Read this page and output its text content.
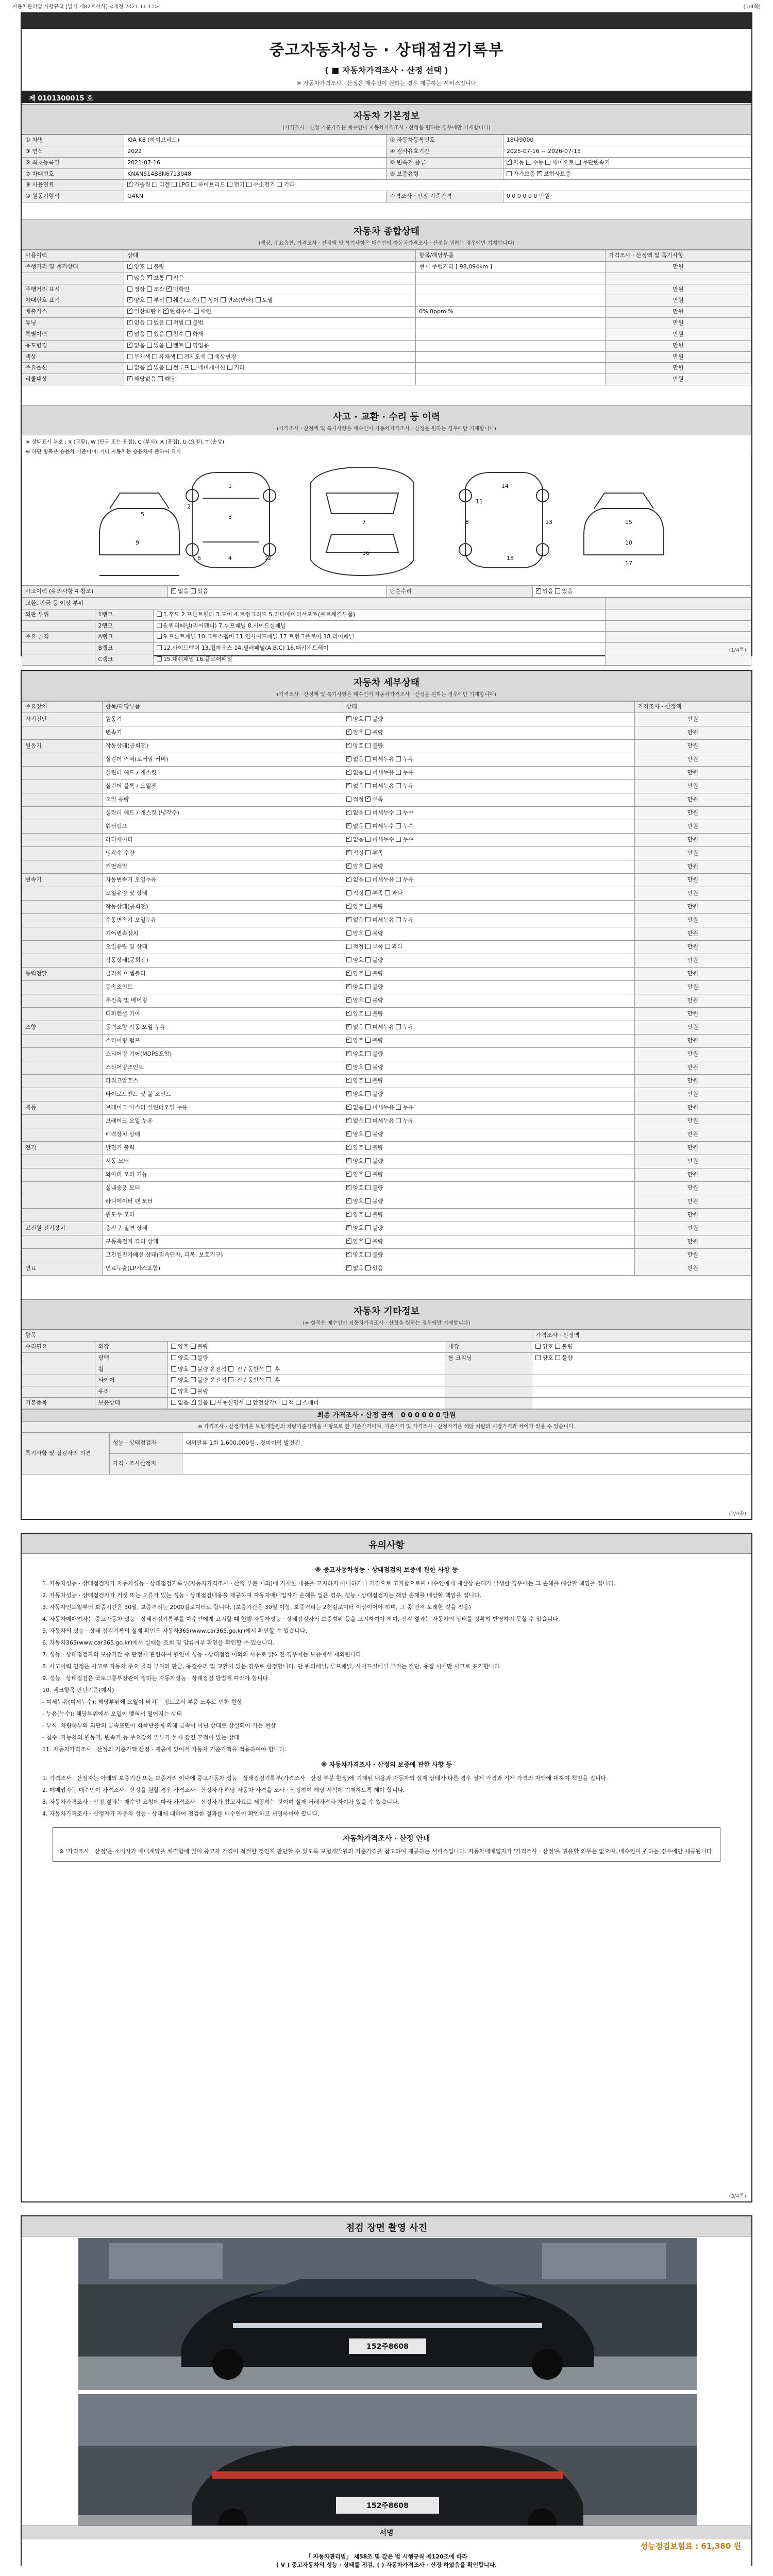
자동차관리법 시행규칙 [별지 제82호서식] <개정 2021.11.11>	(1/4쪽)
중고자동차성능 · 상태점검기록부
( ■ 자동차가격조사 · 산정 선택 )
※ 자동차가격조사 · 산정은 매수인이 원하는 경우 제공하는 서비스입니다
제 0101300015 호
자동차 기본정보
(가격조사 · 산정 기준가격은 매수인이 자동차가격조사 · 산정을 원하는 경우에만 기재합니다)
① 차명	KIA K8 (하이브리드)	② 자동차등록번호	18다9000
③ 연식	2022	④ 검사유효기간	2025-07-16 ~ 2026-07-15
⑤ 최초등록일	2021-07-16	⑥ 변속기 종류	✓자동 수동 세미오토 무단변속기
⑦ 차대번호	KNAN514B8N6713048	⑧ 보증유형	자가보증 ✓보험사보증
⑨ 사용연료	✓가솔린 디젤 LPG 하이브리드 전기 수소전기 기타
⑩ 원동기형식	G4KN	가격조사 · 산정 기준가격	0 0 0 0 0 0 만원
자동차 종합상태
(색상, 주요옵션, 가격조사 · 산정액 및 특기사항은 매수인이 자동차가격조사 · 산정을 원하는 경우에만 기재합니다)
사용이력	상태	항목/해당부품	가격조사 · 산정액 및 특기사항
주행거리 및 계기상태	✓양호 불량	현재 주행거리 [ 98,094km ]	만원
	많음 ✓보통 적음		
주행거리 표시	정상 조작 ✓미확인		만원
차대번호 표기	✓양호 부식 훼손(오손) 상이 변조(변타) 도말		만원
배출가스	✓일산화탄소 ✓탄화수소 매연	0% 0ppm %	만원
튜닝	✓없음 있음 적법 불법		만원
특별이력	✓없음 있음 침수 화재		만원
용도변경	✓없음 있음 렌트 영업용		만원
색상	무채색 유채색 전체도색 색상변경		만원
주요옵션	없음 ✓있음 썬루프 네비게이션 기타		만원
리콜대상	✓해당없음 해당		만원
사고 · 교환 · 수리 등 이력
(가격조사 · 산정액 및 특기사항은 매수인이 자동차가격조사 · 산정을 원하는 경우에만 기재합니다)
※ 상태표시 부호 : X (교환), W (판금 또는 용접), C (부식), A (흠집), U (요철), T (손상)
※ 하단 항목은 승용차 기준이며, 기타 자동차는 승용차에 준하여 표시
1
2
3
4
5
6
7	8
9	10
11
12
13
14
15
16
17
18
사고이력 (유의사항 4 참조)	✓없음 있음	단순수리	✓없음 있음
교환, 판금 등 이상 부위			
외판 부위	1랭크	1.후드 2.프론트휀더 3.도어 4.트렁크리드 5.라디에이터서포트(볼트체결부품)	
	2랭크	6.쿼터패널(리어펜더) 7.루프패널 8.사이드실패널	
주요 골격	A랭크	9.프론트패널 10.크로스멤버 11.인사이드패널 17.트렁크플로어 18.리어패널	
	B랭크	12.사이드멤버 13.휠하우스 14.필러패널(A,B,C) 16.패키지트레이	
	C랭크	15.대쉬패널 16.플로어패널	
(1/4쪽)
자동차 세부상태
(가격조사 · 산정액 및 특기사항은 매수인이 자동차가격조사 · 산정을 원하는 경우에만 기재합니다)
주요장치	항목/해당부품	상태	가격조사 · 산정액
자기진단	원동기	✓양호 불량	만원
	변속기	✓양호 불량	만원
원동기	작동상태(공회전)	✓양호 불량	만원
	실린더 커버(로커암 커버)	✓없음 미세누유 누유	만원
	실린더 헤드 / 개스킷	✓없음 미세누유 누유	만원
	실린더 블록 / 오일팬	✓없음 미세누유 누유	만원
	오일 유량	적정 ✓부족	만원
	실린더 헤드 / 개스킷 (냉각수)	✓없음 미세누수 누수	만원
	워터펌프	✓없음 미세누수 누수	만원
	라디에이터	✓없음 미세누수 누수	만원
	냉각수 수량	✓적정 부족	만원
	커먼레일	✓양호 불량	만원
변속기	자동변속기 오일누유	✓없음 미세누유 누유	만원
	오일유량 및 상태	적정 부족 과다	만원
	작동상태(공회전)	✓양호 불량	만원
	수동변속기 오일누유	✓없음 미세누유 누유	만원
	기어변속장치	양호 불량	만원
	오일유량 및 상태	적정 부족 과다	만원
	작동상태(공회전)	양호 불량	만원
동력전달	클러치 어셈블리	✓양호 불량	만원
	등속조인트	✓양호 불량	만원
	추진축 및 베어링	✓양호 불량	만원
	디퍼렌셜 기어	✓양호 불량	만원
조향	동력조향 작동 오일 누유	✓없음 미세누유 누유	만원
	스티어링 펌프	✓양호 불량	만원
	스티어링 기어(MDPS포함)	✓양호 불량	만원
	스티어링조인트	✓양호 불량	만원
	파워고압호스	✓양호 불량	만원
	타이로드엔드 및 볼 조인트	✓양호 불량	만원
제동	브레이크 마스터 실린더오일 누유	✓없음 미세누유 누유	만원
	브레이크 오일 누유	✓없음 미세누유 누유	만원
	배력장치 상태	✓양호 불량	만원
전기	발전기 출력	✓양호 불량	만원
	시동 모터	✓양호 불량	만원
	와이퍼 모터 기능	✓양호 불량	만원
	실내송풍 모터	✓양호 불량	만원
	라디에이터 팬 모터	✓양호 불량	만원
	윈도우 모터	✓양호 불량	만원
고전원 전기장치	충전구 절연 상태	✓양호 불량	만원
	구동축전지 격리 상태	✓양호 불량	만원
	고전원전기배선 상태(접속단자, 피복, 보호기구)	✓양호 불량	만원
연료	연료누출(LP가스포함)	✓없음 있음	만원
자동차 기타정보
(※ 항목은 매수인이 자동차가격조사 · 산정을 원하는 경우에만 기재합니다)
항목				가격조사 · 산정액
수리필요	외장	양호 불량	내장	양호 불량
	광택	양호 불량	룸 크리닝	양호 불량
	휠	양호 불량 운전석  전 / 동반석  후		
	타이어	양호 불량 운전석  전 / 동반석  후		
	유리	양호 불량		
기본품목	보유상태	없음 ✓있음 사용설명서 안전삼각대 잭 스패너		
최종 가격조사 · 산정 금액 0 0 0 0 0 0 만원
※ 가격조사 · 산정가격은 보험개발원의 차량기준가액을 바탕으로 한 기준가격이며, 기준가격 및 가격조사 · 산정가격은 해당 차량의 시장가격과 차이가 있을 수 있습니다.
특기사항 및 점검자의 의견	성능 · 상태점검자	내외판류 1회 1,600,000원 , 경미이력 발견건
	가격 · 조사산정자	
(2/4쪽)
유의사항
※ 중고자동차성능 · 상태점검의 보증에 관한 사항 등

1. 자동차성능 · 상태점검자가 자동차성능 · 상태점검기록부(자동차가격조사 · 산정 부분 제외)에 기재한 내용을 고지하지 아니하거나 거짓으로 고지함으로써 매수인에게 재산상 손해가 발생한 경우에는 그 손해를 배상할 책임을 집니다.

2. 자동차성능 · 상태점검자가 거짓 또는 오류가 있는 성능 · 상태점검내용을 제공하여 자동차매매업자가 손해를 입은 경우, 성능 · 상태점검자는 해당 손해를 배상할 책임을 집니다.

3. 자동차인도일부터 보증기간은 30일, 보증거리는 2000킬로미터로 합니다. (보증기간은 30일 이상, 보증거리는 2천킬로미터 이상이어야 하며, 그 중 먼저 도래한 것을 적용)

4. 자동차매매업자는 중고자동차 성능 · 상태점검기록부를 매수인에게 고지할 때 현행 자동차성능 · 상태점검자의 보증범위 등을 고지하여야 하며, 점검 결과는 자동차의 상태를 정확히 반영하지 못할 수 있습니다.

5. 자동차의 성능 · 상태 점검기록의 실제 확인은 자동차365(www.car365.go.kr)에서 확인할 수 있습니다.

6. 자동차365(www.car365.go.kr)에서 실매물 조회 및 압류여부 확인을 확인할 수 있습니다.

7. 성능 · 상태점검자의 보증기간 중 판정에 관련하여 원인이 성능 · 상태점검 이외의 사유로 밝혀진 경우에는 보증에서 제외됩니다.

8. 사고이력 인정은 사고로 자동차 주요 골격 부위의 판금, 용접수리 및 교환이 있는 경우로 한정합니다. 단 쿼터패널, 루프패널, 사이드실패널 부위는 절단, 용접 시에만 사고로 표기합니다.

9. 성능 · 상태점검은 국토교통부장관이 정하는 자동차성능 · 상태점검 방법에 따라야 합니다.

10. 체크항목 판단기준(예시)

- 미세누유(미세누수): 해당부위에 오일이 비치는 정도로서 부품 노후로 인한 현상

- 누유(누수): 해당부위에서 오일이 맺혀서 떨어지는 상태

- 부식: 차량하부와 외판의 금속표면이 화학반응에 의해 금속이 아닌 상태로 상실되어 가는 현상

- 침수: 자동차의 원동기, 변속기 등 주요장치 일부가 물에 잠긴 흔적이 있는 상태

11. 자동차가격조사 · 산정의 기준가액 산정 · 제공에 있어서 자동차 기준가액을 적용하여야 합니다.

※ 자동차가격조사 · 산정의 보증에 관한 사항 등

1. 가격조사 · 산정자는 아래의 보증기간 또는 보증거리 이내에 중고자동차 성능 · 상태점검기록부(가격조사 · 산정 부분 한정)에 기재된 내용과 자동차의 실제 상태가 다른 경우 실제 가격과 기재 가격의 차액에 대하여 책임을 집니다.

2. 매매업자는 매수인이 가격조사 · 산정을 원할 경우 가격조사 · 산정자가 해당 자동차 가격을 조사 · 산정하여 해당 서식에 기재하도록 해야 합니다.

3. 자동차가격조사 · 산정 결과는 매수인 요청에 따라 가격조사 · 산정자가 참고자료로 제공하는 것이며 실제 거래가격과 차이가 있을 수 있습니다.

4. 자동차가격조사 · 산정자가 자동차 성능 · 상태에 대하여 점검한 결과를 매수인이 확인하고 서명하여야 합니다.

자동차가격조사 · 산정 안내

※ '가격조사 · 산정'은 소비자가 매매계약을 체결함에 있어 중고차 가격이 적절한 것인지 판단할 수 있도록 보험개발원의 기준가격을 참고하여 제공하는 서비스입니다. 자동차매매업자가 '가격조사 · 산정'을 권유할 의무는 없으며, 매수인이 원하는 경우에만 제공됩니다.

(3/4쪽)
점검 장면 촬영 사진
152주8608
152주8608
서명
성능점검보험료 : 61,380 원
「 자동차관리법」 제58조 및 같은 법 시행규칙 제120조에 따라
( V ) 중고자동차의 성능 · 상태를 점검, ( ) 자동차가격조사 · 산정 하였음을 확인합니다.
